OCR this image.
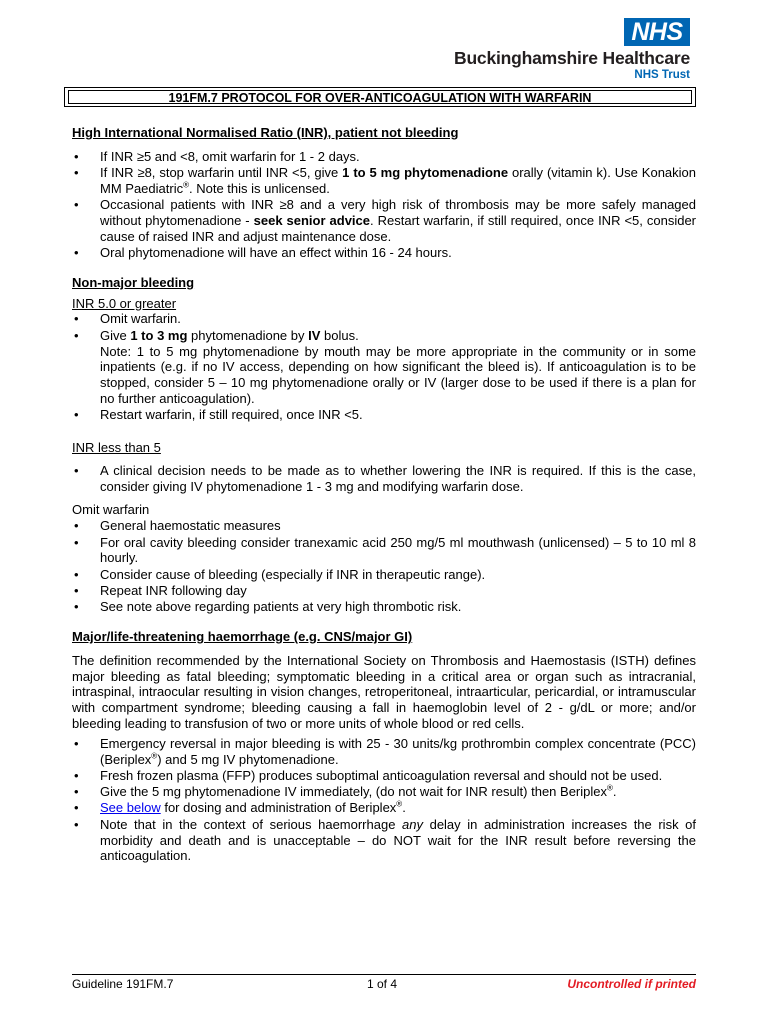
NHS
Buckinghamshire Healthcare
NHS Trust
191FM.7 PROTOCOL FOR OVER-ANTICOAGULATION WITH WARFARIN
High International Normalised Ratio (INR), patient not bleeding
• If INR ≥5 and <8, omit warfarin for 1 - 2 days.
• If INR ≥8, stop warfarin until INR <5, give 1 to 5 mg phytomenadione orally (vitamin k). Use Konakion MM Paediatric®. Note this is unlicensed.
• Occasional patients with INR ≥8 and a very high risk of thrombosis may be more safely managed without phytomenadione - seek senior advice. Restart warfarin, if still required, once INR <5, consider cause of raised INR and adjust maintenance dose.
• Oral phytomenadione will have an effect within 16 - 24 hours.
Non-major bleeding

INR 5.0 or greater

• Omit warfarin.
• Give 1 to 3 mg phytomenadione by IV bolus.
Note: 1 to 5 mg phytomenadione by mouth may be more appropriate in the community or in some inpatients (e.g. if no IV access, depending on how significant the bleed is). If anticoagulation is to be stopped, consider 5 – 10 mg phytomenadione orally or IV (larger dose to be used if there is a plan for no further anticoagulation).
• Restart warfarin, if still required, once INR <5.

INR less than 5

• A clinical decision needs to be made as to whether lowering the INR is required. If this is the case, consider giving IV phytomenadione 1 - 3 mg and modifying warfarin dose.

Omit warfarin

• General haemostatic measures
• For oral cavity bleeding consider tranexamic acid 250 mg/5 ml mouthwash (unlicensed) – 5 to 10 ml 8 hourly.
• Consider cause of bleeding (especially if INR in therapeutic range).
• Repeat INR following day
• See note above regarding patients at very high thrombotic risk.
Major/life-threatening haemorrhage (e.g. CNS/major GI)

The definition recommended by the International Society on Thrombosis and Haemostasis (ISTH) defines major bleeding as fatal bleeding; symptomatic bleeding in a critical area or organ such as intracranial, intraspinal, intraocular resulting in vision changes, retroperitoneal, intraarticular, pericardial, or intramuscular with compartment syndrome; bleeding causing a fall in haemoglobin level of 2 - g/dL or more; and/or bleeding leading to transfusion of two or more units of whole blood or red cells.

• Emergency reversal in major bleeding is with 25 - 30 units/kg prothrombin complex concentrate (PCC) (Beriplex®) and 5 mg IV phytomenadione.
• Fresh frozen plasma (FFP) produces suboptimal anticoagulation reversal and should not be used.
• Give the 5 mg phytomenadione IV immediately, (do not wait for INR result) then Beriplex®.
• See below for dosing and administration of Beriplex®.
• Note that in the context of serious haemorrhage any delay in administration increases the risk of morbidity and death and is unacceptable – do NOT wait for the INR result before reversing the anticoagulation.
Guideline 191FM.7	1 of 4	Uncontrolled if printed
